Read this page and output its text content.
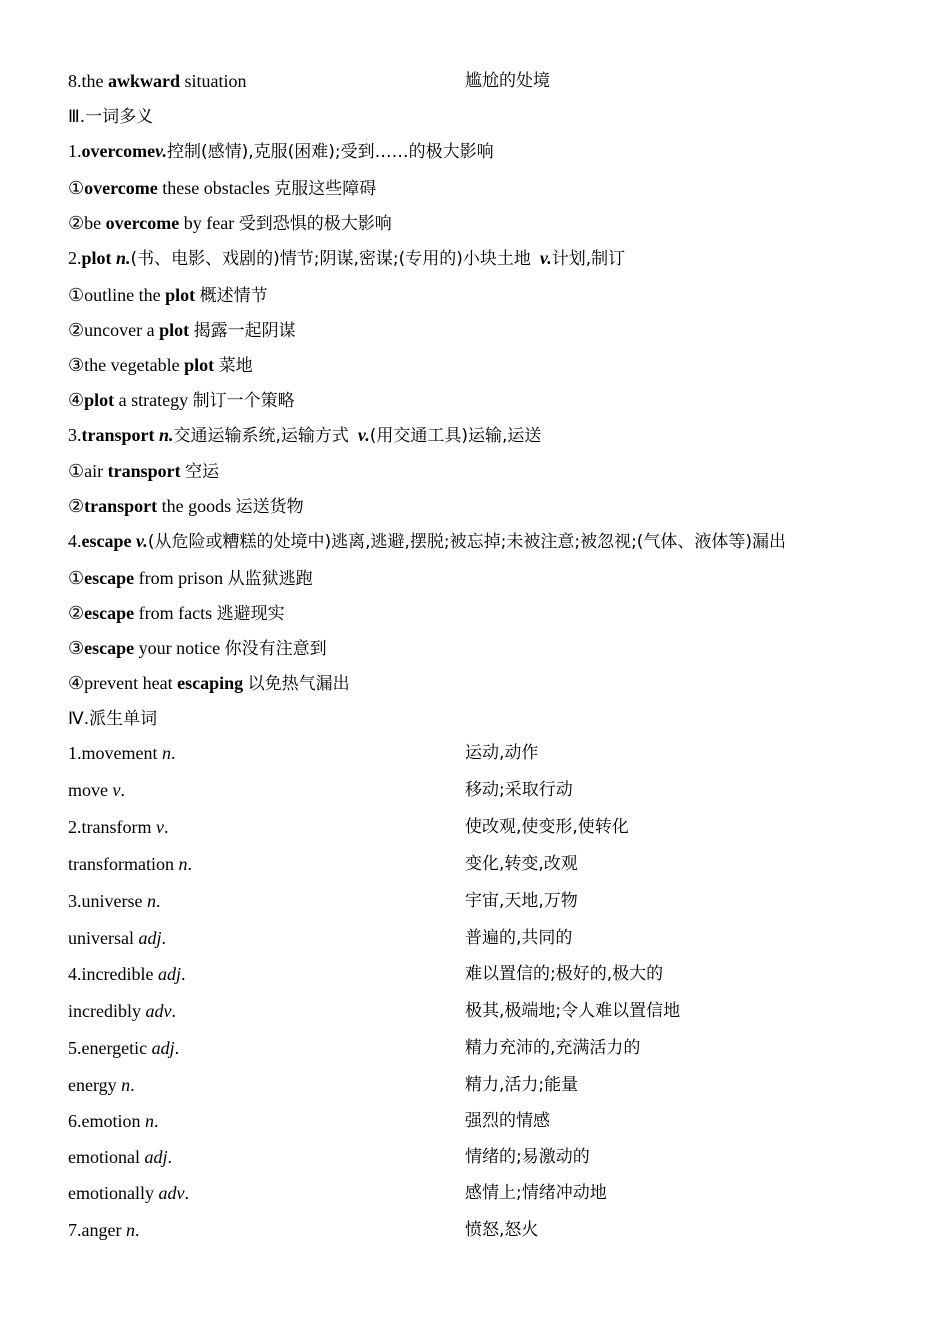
8.the awkward situation	尴尬的处境
Ⅲ.一词多义
1.overcomev.控制(感情),克服(困难);受到……的极大影响
①overcome these obstacles 克服这些障碍
②be overcome by fear 受到恐惧的极大影响
2.plot n.(书、电影、戏剧的)情节;阴谋,密谋;(专用的)小块土地 v.计划,制订
①outline the plot 概述情节
②uncover a plot 揭露一起阴谋
③the vegetable plot 菜地
④plot a strategy 制订一个策略
3.transport n.交通运输系统,运输方式 v.(用交通工具)运输,运送
①air transport 空运
②transport the goods 运送货物
4.escape v.(从危险或糟糕的处境中)逃离,逃避,摆脱;被忘掉;未被注意;被忽视;(气体、液体等)漏出
①escape from prison 从监狱逃跑
②escape from facts 逃避现实
③escape your notice 你没有注意到
④prevent heat escaping 以免热气漏出
Ⅳ.派生单词
1.movement n.	运动,动作
move v.	移动;采取行动
2.transform v.	使改观,使变形,使转化
transformation n.	变化,转变,改观
3.universe n.	宇宙,天地,万物
universal adj.	普遍的,共同的
4.incredible adj.	难以置信的;极好的,极大的
incredibly adv.	极其,极端地;令人难以置信地
5.energetic adj.	精力充沛的,充满活力的
energy n.	精力,活力;能量
6.emotion n.	强烈的情感
emotional adj.	情绪的;易激动的
emotionally adv.	感情上;情绪冲动地
7.anger n.	愤怒,怒火
